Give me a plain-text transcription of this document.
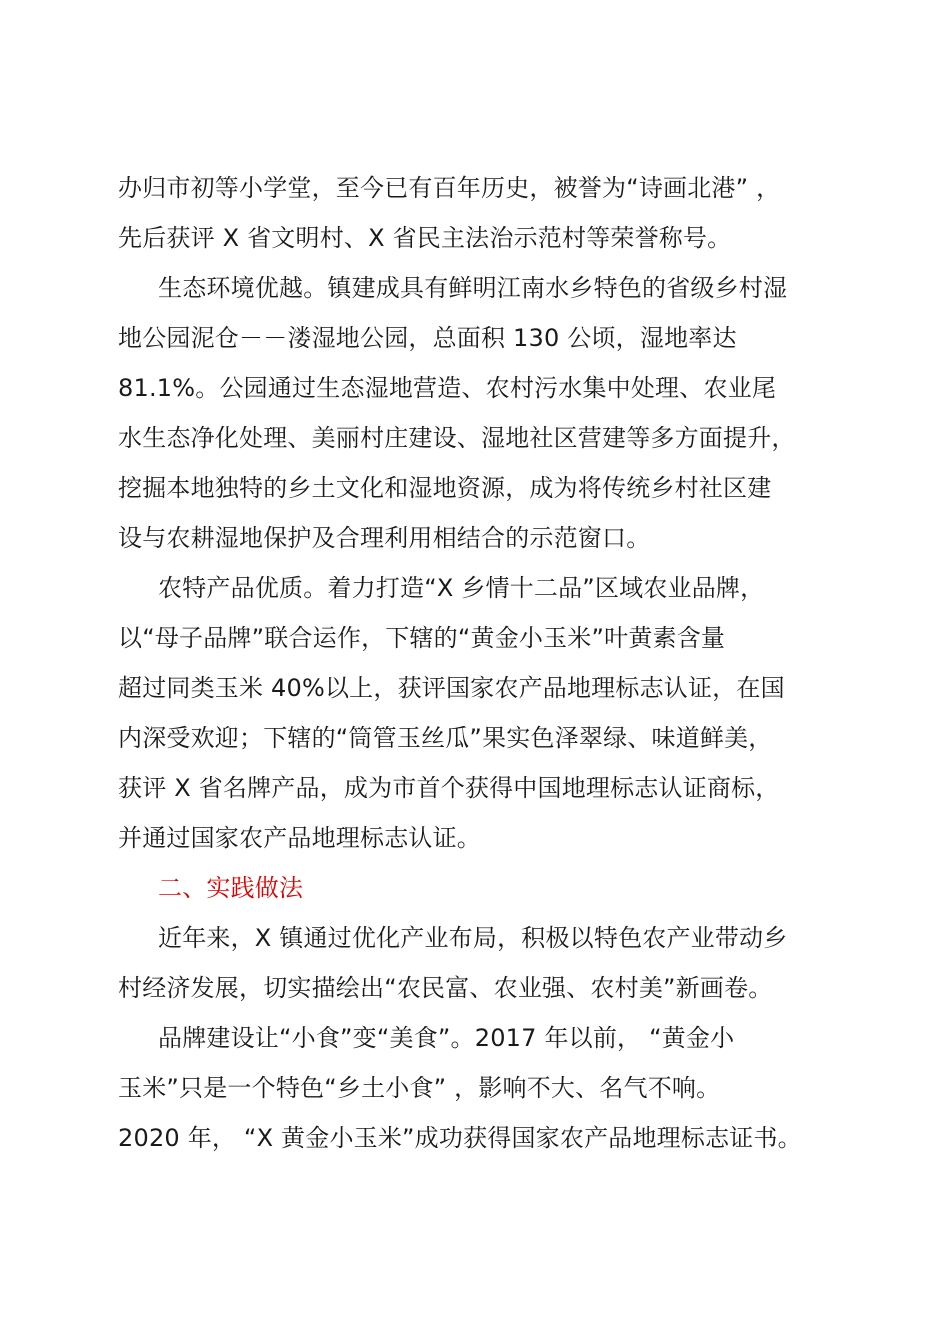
办归市初等小学堂，至今已有百年历史，被誉为“诗画北港” ，
先后获评 X 省文明村、X 省民主法治示范村等荣誉称号。
生态环境优越。镇建成具有鲜明江南水乡特色的省级乡村湿
地公园泥仓－－溇湿地公园，总面积 130 公顷，湿地率达
81.1%。公园通过生态湿地营造、农村污水集中处理、农业尾
水生态净化处理、美丽村庄建设、湿地社区营建等多方面提升，
挖掘本地独特的乡土文化和湿地资源，成为将传统乡村社区建
设与农耕湿地保护及合理利用相结合的示范窗口。
农特产品优质。着力打造“X 乡情十二品”区域农业品牌，
以“母子品牌”联合运作，下辖的“黄金小玉米”叶黄素含量
超过同类玉米 40%以上，获评国家农产品地理标志认证，在国
内深受欢迎；下辖的“筒管玉丝瓜”果实色泽翠绿、味道鲜美，
获评 X 省名牌产品，成为市首个获得中国地理标志认证商标，
并通过国家农产品地理标志认证。
二、实践做法
近年来，X 镇通过优化产业布局，积极以特色农产业带动乡
村经济发展，切实描绘出“农民富、农业强、农村美”新画卷。
品牌建设让“小食”变“美食”。2017 年以前， “黄金小
玉米”只是一个特色“乡土小食” ，影响不大、名气不响。
2020 年， “X 黄金小玉米”成功获得国家农产品地理标志证书。
